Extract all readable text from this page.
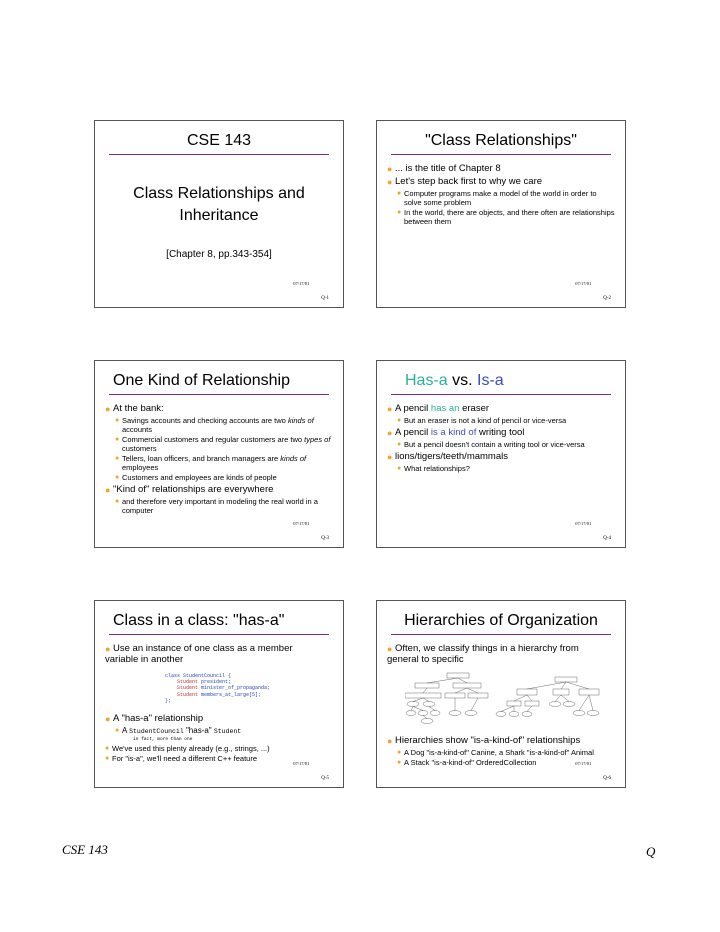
CSE 143
Class Relationships and
Inheritance
[Chapter 8, pp.343-354]
$^{07/17/01}$ Q-1
"Class Relationships"
● ... is the title of Chapter 8
● Let's step back first to why we care
● Computer programs make a model of the world in order to solve some problem
● In the world, there are objects, and there often are relationships between them
$^{07/17/01}$ Q-2
One Kind of Relationship
● At the bank:
● Savings accounts and checking accounts are two kinds of accounts
● Commercial customers and regular customers are two types of customers
● Tellers, loan officers, and branch managers are kinds of employees
● Customers and employees are kinds of people
● "Kind of" relationships are everywhere
● and therefore very important in modeling the real world in a computer
$^{07/17/01}$ Q-3
Has-a vs. Is-a
● A pencil has an eraser
● But an eraser is not a kind of pencil or vice-versa
● A pencil is a kind of writing tool
● But a pencil doesn't contain a writing tool or vice-versa
● lions/tigers/teeth/mammals
● What relationships?
$^{07/17/01}$ Q-4
Class in a class: "has-a"
● Use an instance of one class as a member
variable in another
class StudentCouncil {
Student president;
Student minister_of_propaganda;
Student members_at_large[5];
};
● A "has-a" relationship
● A StudentCouncil "has-a" Student
in fact, more than one
● We've used this plenty already (e.g., strings, ...)
● For "is-a", we'll need a different C++ feature
$^{07/17/01}$ Q-5
Hierarchies of Organization
● Often, we classify things in a hierarchy from
general to specific
● Hierarchies show "is-a-kind-of" relationships
● A Dog "is-a-kind-of" Canine, a Shark "is-a-kind-of" Animal
● A Stack "is-a-kind-of" OrderedCollection	$^{07/17/01}$ Q-6
CSE 143	Q
